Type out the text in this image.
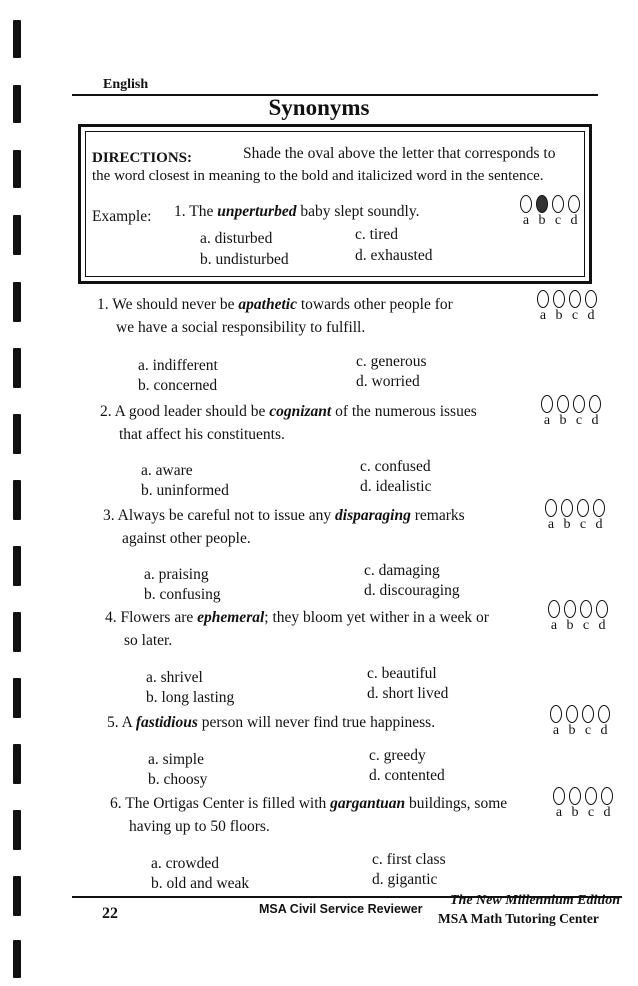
English
Synonyms
DIRECTIONS:	Shade the oval above the letter that corresponds to
the word closest in meaning to the bold and italicized word in the sentence.
Example: 1. The unperturbed baby slept soundly.
a b c d
a. disturbed
b. undisturbed
c. tired
d. exhausted
1. We should never be apathetic towards other people for
we have a social responsibility to fulfill.
a b c d
a. indifferent
b. concerned
c. generous
d. worried
2. A good leader should be cognizant of the numerous issues
that affect his constituents.
a b c d
a. aware
b. uninformed
c. confused
d. idealistic
3. Always be careful not to issue any disparaging remarks
against other people.
a b c d
a. praising
b. confusing
c. damaging
d. discouraging
4. Flowers are ephemeral; they bloom yet wither in a week or
so later.
a b c d
a. shrivel
b. long lasting
c. beautiful
d. short lived
5. A fastidious person will never find true happiness.	a b c d
a. simple
b. choosy
c. greedy
d. contented
6. The Ortigas Center is filled with gargantuan buildings, some
having up to 50 floors.
a b c d
a. crowded
b. old and weak
c. first class
d. gigantic
22	MSA Civil Service Reviewer
The New Millennium Edition
MSA Math Tutoring Center
